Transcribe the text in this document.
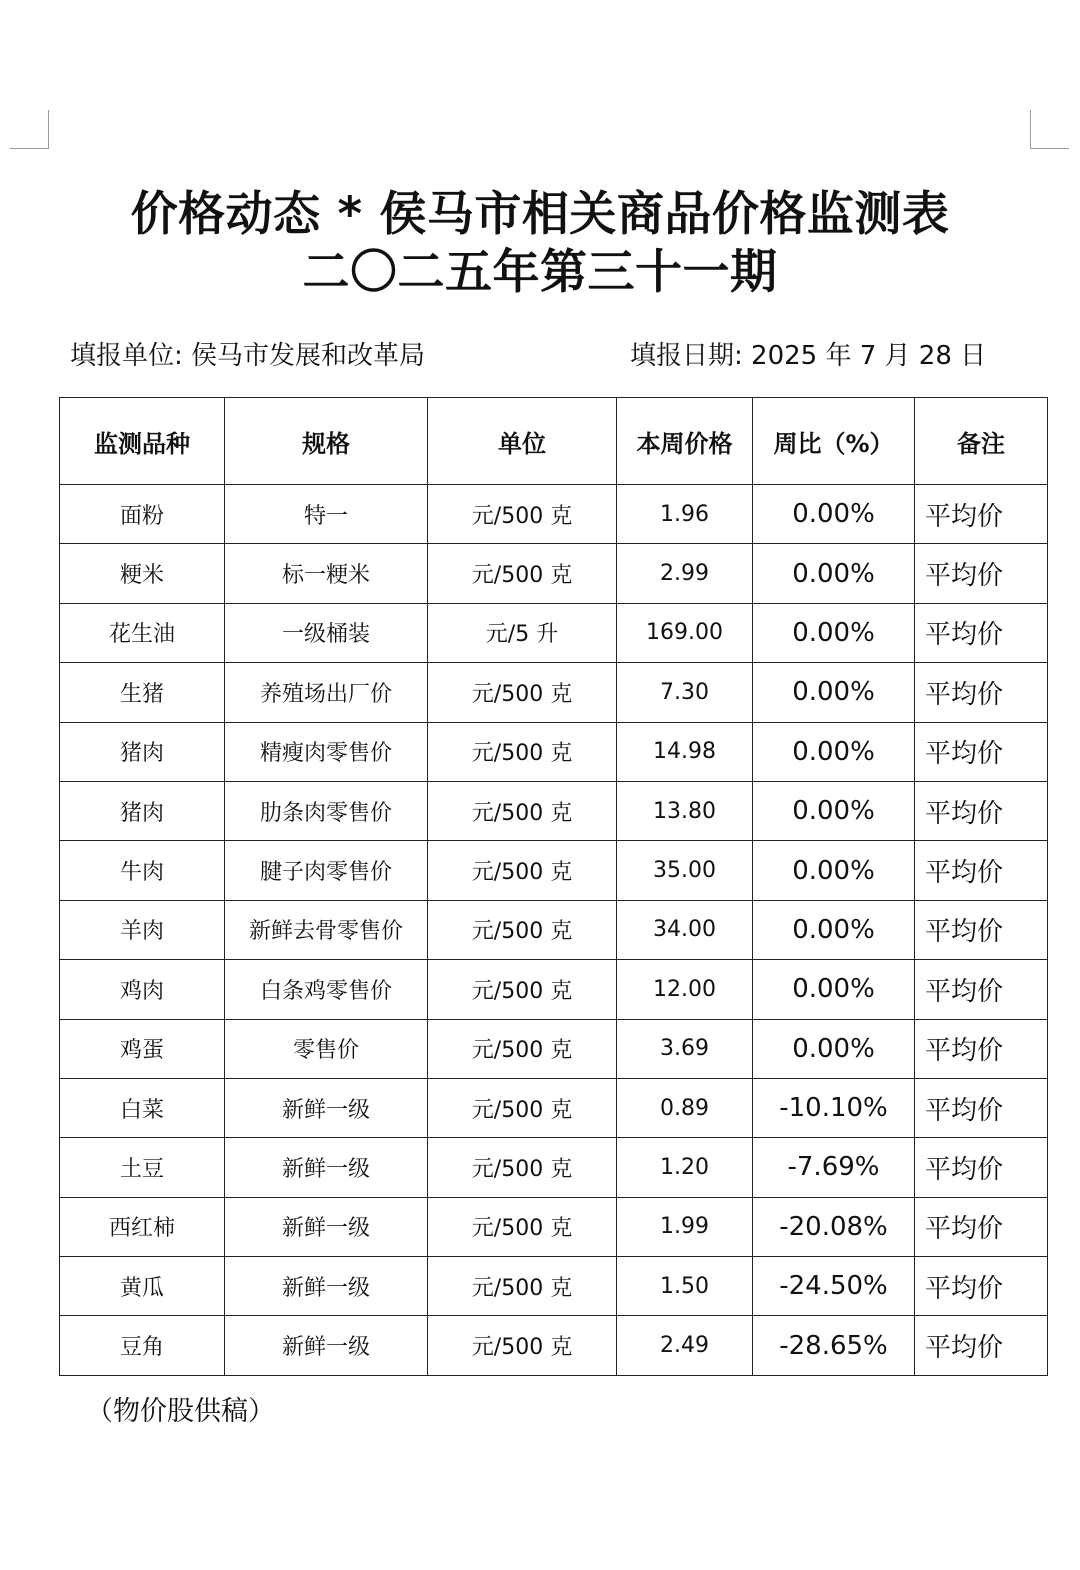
价格动态 * 侯马市相关商品价格监测表
二〇二五年第三十一期
填报单位: 侯马市发展和改革局	填报日期: 2025 年 7 月 28 日
监测品种	规格	单位	本周价格	周比（%）	备注
面粉	特一	元/500 克	1.96	0.00%	平均价
粳米	标一粳米	元/500 克	2.99	0.00%	平均价
花生油	一级桶装	元/5 升	169.00	0.00%	平均价
生猪	养殖场出厂价	元/500 克	7.30	0.00%	平均价
猪肉	精瘦肉零售价	元/500 克	14.98	0.00%	平均价
猪肉	肋条肉零售价	元/500 克	13.80	0.00%	平均价
牛肉	腱子肉零售价	元/500 克	35.00	0.00%	平均价
羊肉	新鲜去骨零售价	元/500 克	34.00	0.00%	平均价
鸡肉	白条鸡零售价	元/500 克	12.00	0.00%	平均价
鸡蛋	零售价	元/500 克	3.69	0.00%	平均价
白菜	新鲜一级	元/500 克	0.89	-10.10%	平均价
土豆	新鲜一级	元/500 克	1.20	-7.69%	平均价
西红柿	新鲜一级	元/500 克	1.99	-20.08%	平均价
黄瓜	新鲜一级	元/500 克	1.50	-24.50%	平均价
豆角	新鲜一级	元/500 克	2.49	-28.65%	平均价
（物价股供稿）
